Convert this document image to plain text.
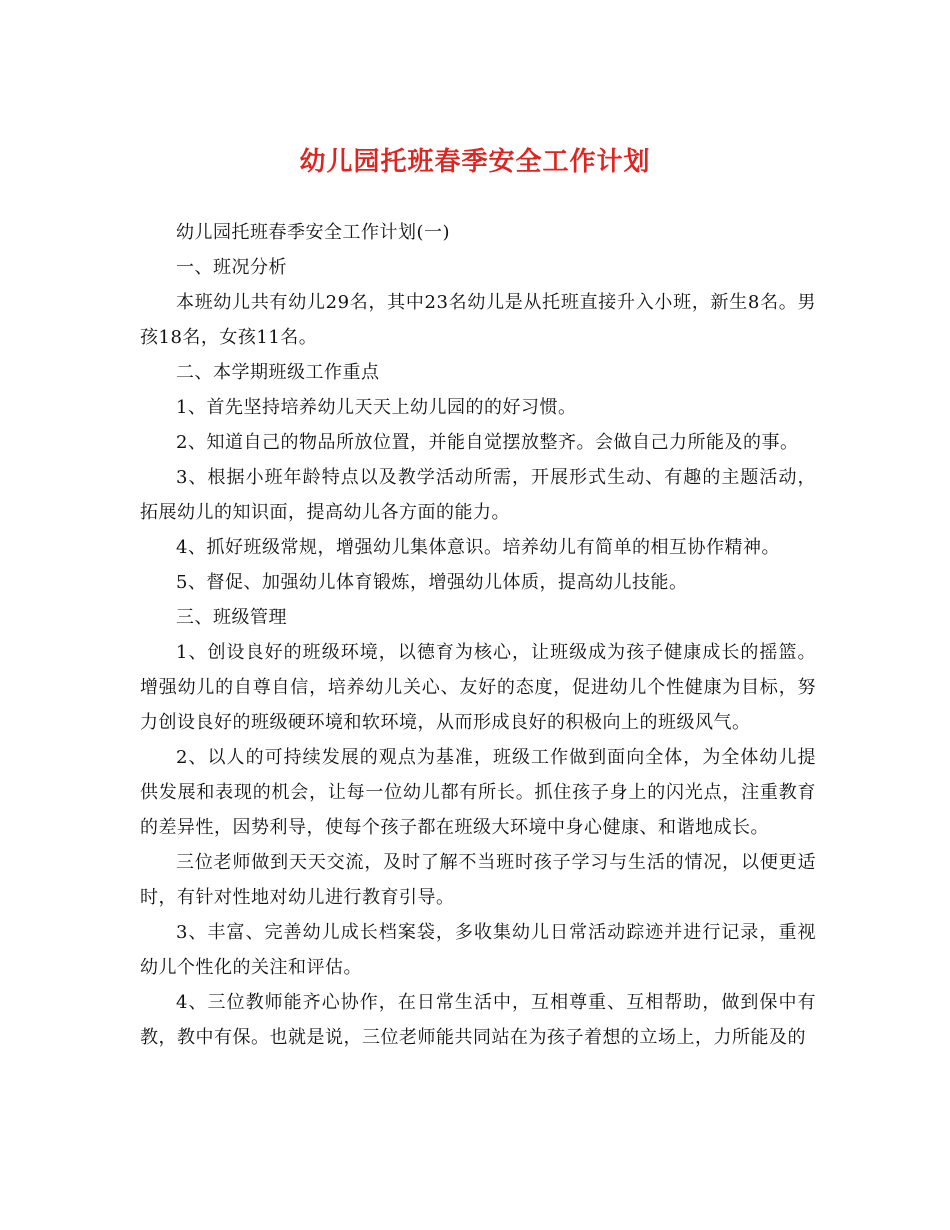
幼儿园托班春季安全工作计划

幼儿园托班春季安全工作计划(一)

一、班况分析

本班幼儿共有幼儿29名，其中23名幼儿是从托班直接升入小班，新生8名。男孩18名，女孩11名。

二、本学期班级工作重点

1、首先坚持培养幼儿天天上幼儿园的的好习惯。

2、知道自己的物品所放位置，并能自觉摆放整齐。会做自己力所能及的事。

3、根据小班年龄特点以及教学活动所需，开展形式生动、有趣的主题活动，拓展幼儿的知识面，提高幼儿各方面的能力。

4、抓好班级常规，增强幼儿集体意识。培养幼儿有简单的相互协作精神。

5、督促、加强幼儿体育锻炼，增强幼儿体质，提高幼儿技能。

三、班级管理

1、创设良好的班级环境，以德育为核心，让班级成为孩子健康成长的摇篮。增强幼儿的自尊自信，培养幼儿关心、友好的态度，促进幼儿个性健康为目标，努力创设良好的班级硬环境和软环境，从而形成良好的积极向上的班级风气。

2、以人的可持续发展的观点为基准，班级工作做到面向全体，为全体幼儿提供发展和表现的机会，让每一位幼儿都有所长。抓住孩子身上的闪光点，注重教育的差异性，因势利导，使每个孩子都在班级大环境中身心健康、和谐地成长。

三位老师做到天天交流，及时了解不当班时孩子学习与生活的情况，以便更适时，有针对性地对幼儿进行教育引导。

3、丰富、完善幼儿成长档案袋，多收集幼儿日常活动踪迹并进行记录，重视幼儿个性化的关注和评估。

4、三位教师能齐心协作，在日常生活中，互相尊重、互相帮助，做到保中有教，教中有保。也就是说，三位老师能共同站在为孩子着想的立场上，力所能及的
